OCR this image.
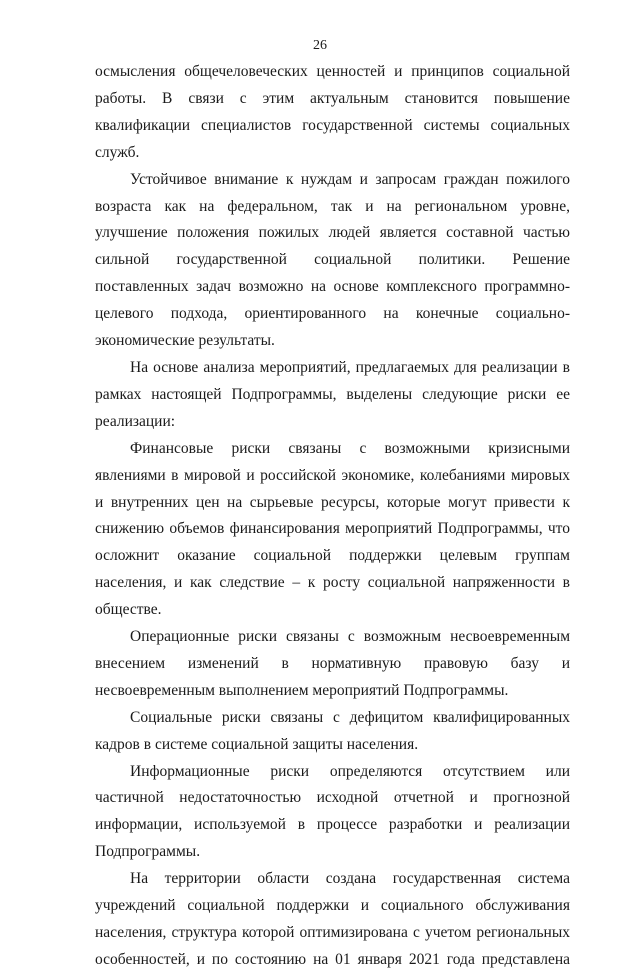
26

осмысления общечеловеческих ценностей и принципов социальной работы. В связи с этим актуальным становится повышение квалификации специалистов государственной системы социальных служб.

Устойчивое внимание к нуждам и запросам граждан пожилого возраста как на федеральном, так и на региональном уровне, улучшение положения пожилых людей является составной частью сильной государственной социальной политики. Решение поставленных задач возможно на основе комплексного программно-целевого подхода, ориентированного на конечные социально-экономические результаты.

На основе анализа мероприятий, предлагаемых для реализации в рамках настоящей Подпрограммы, выделены следующие риски ее реализации:

Финансовые риски связаны с возможными кризисными явлениями в мировой и российской экономике, колебаниями мировых и внутренних цен на сырьевые ресурсы, которые могут привести к снижению объемов финансирования мероприятий Подпрограммы, что осложнит оказание социальной поддержки целевым группам населения, и как следствие – к росту социальной напряженности в обществе.

Операционные риски связаны с возможным несвоевременным внесением изменений в нормативную правовую базу и несвоевременным выполнением мероприятий Подпрограммы.

Социальные риски связаны с дефицитом квалифицированных кадров в системе социальной защиты населения.

Информационные риски определяются отсутствием или частичной недостаточностью исходной отчетной и прогнозной информации, используемой в процессе разработки и реализации Подпрограммы.

На территории области создана государственная система учреждений социальной поддержки и социального обслуживания населения, структура которой оптимизирована с учетом региональных особенностей, и по состоянию на 01 января 2021 года представлена
